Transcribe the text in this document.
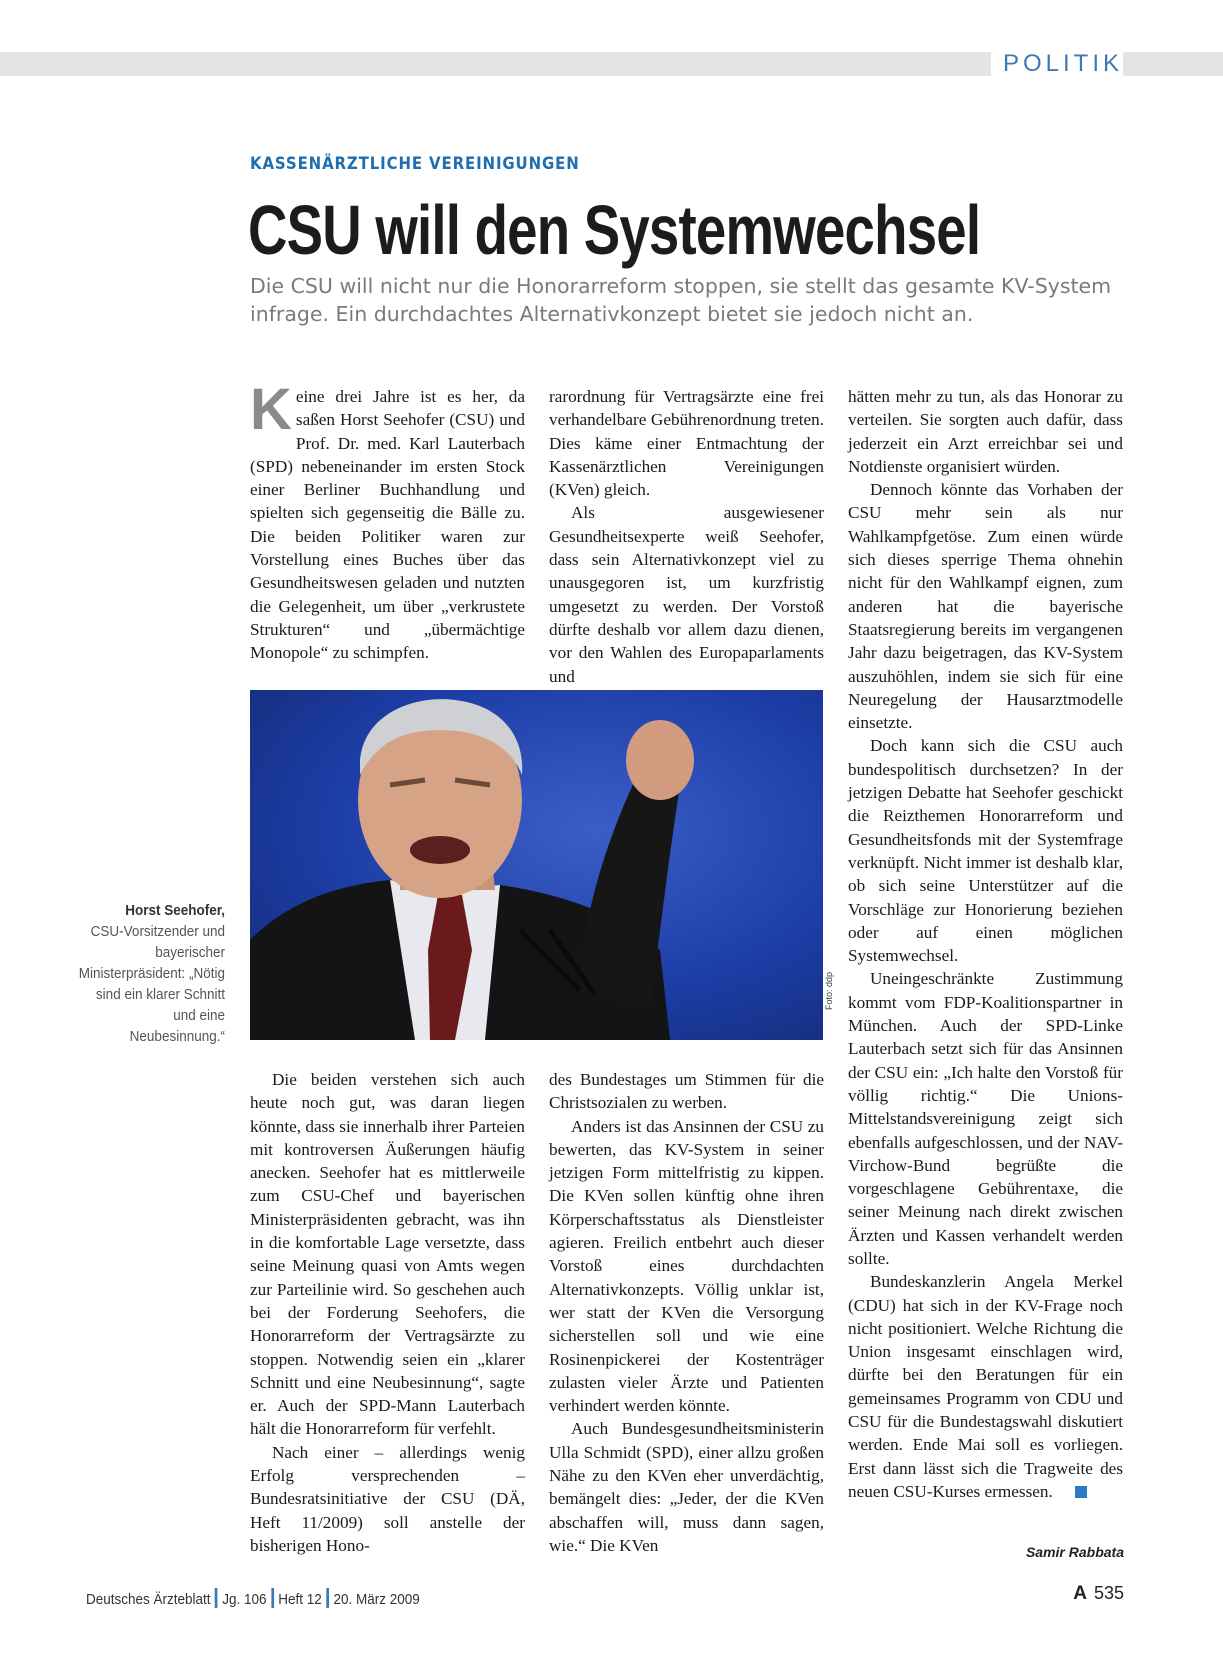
POLITIK
KASSENÄRZTLICHE VEREINIGUNGEN
CSU will den Systemwechsel

Die CSU will nicht nur die Honorarreform stoppen, sie stellt das gesamte KV-System infrage. Ein durchdachtes Alternativkonzept bietet sie jedoch nicht an.

Keine drei Jahre ist es her, da saßen Horst Seehofer (CSU) und Prof. Dr. med. Karl Lauterbach (SPD) nebeneinander im ersten Stock einer Berliner Buchhandlung und spielten sich gegenseitig die Bälle zu. Die beiden Politiker waren zur Vorstellung eines Buches über das Gesundheitswesen geladen und nutzten die Gelegenheit, um über „verkrustete Strukturen“ und „übermächtige Monopole“ zu schimpfen.

rarordnung für Vertragsärzte eine frei verhandelbare Gebührenordnung treten. Dies käme einer Entmachtung der Kassenärztlichen Vereinigungen (KVen) gleich.

Als ausgewiesener Gesundheitsexperte weiß Seehofer, dass sein Alternativkonzept viel zu unausgegoren ist, um kurzfristig umgesetzt zu werden. Der Vorstoß dürfte deshalb vor allem dazu dienen, vor den Wahlen des Europaparlaments und

Foto: ddp
Horst Seehofer,
CSU-Vorsitzender und bayerischer Ministerpräsident: „Nötig sind ein klarer Schnitt und eine Neubesinnung.“

Die beiden verstehen sich auch heute noch gut, was daran liegen könnte, dass sie innerhalb ihrer Parteien mit kontroversen Äußerungen häufig anecken. Seehofer hat es mittlerweile zum CSU-Chef und bayerischen Ministerpräsidenten gebracht, was ihn in die komfortable Lage versetzte, dass seine Meinung quasi von Amts wegen zur Parteilinie wird. So geschehen auch bei der Forderung Seehofers, die Honorarreform der Vertragsärzte zu stoppen. Notwendig seien ein „klarer Schnitt und eine Neubesinnung“, sagte er. Auch der SPD-Mann Lauterbach hält die Honorarreform für verfehlt.

Nach einer – allerdings wenig Erfolg versprechenden – Bundesratsinitiative der CSU (DÄ, Heft 11/2009) soll anstelle der bisherigen Hono-

des Bundestages um Stimmen für die Christsozialen zu werben.

Anders ist das Ansinnen der CSU zu bewerten, das KV-System in seiner jetzigen Form mittelfristig zu kippen. Die KVen sollen künftig ohne ihren Körperschaftsstatus als Dienstleister agieren. Freilich entbehrt auch dieser Vorstoß eines durchdachten Alternativkonzepts. Völlig unklar ist, wer statt der KVen die Versorgung sicherstellen soll und wie eine Rosinenpickerei der Kostenträger zulasten vieler Ärzte und Patienten verhindert werden könnte.

Auch Bundesgesundheitsministerin Ulla Schmidt (SPD), einer allzu großen Nähe zu den KVen eher unverdächtig, bemängelt dies: „Jeder, der die KVen abschaffen will, muss dann sagen, wie.“ Die KVen

hätten mehr zu tun, als das Honorar zu verteilen. Sie sorgten auch dafür, dass jederzeit ein Arzt erreichbar sei und Notdienste organisiert würden.

Dennoch könnte das Vorhaben der CSU mehr sein als nur Wahlkampfgetöse. Zum einen würde sich dieses sperrige Thema ohnehin nicht für den Wahlkampf eignen, zum anderen hat die bayerische Staatsregierung bereits im vergangenen Jahr dazu beigetragen, das KV-System auszuhöhlen, indem sie sich für eine Neuregelung der Hausarztmodelle einsetzte.

Doch kann sich die CSU auch bundespolitisch durchsetzen? In der jetzigen Debatte hat Seehofer geschickt die Reizthemen Honorarreform und Gesundheitsfonds mit der Systemfrage verknüpft. Nicht immer ist deshalb klar, ob sich seine Unterstützer auf die Vorschläge zur Honorierung beziehen oder auf einen möglichen Systemwechsel.

Uneingeschränkte Zustimmung kommt vom FDP-Koalitionspartner in München. Auch der SPD-Linke Lauterbach setzt sich für das Ansinnen der CSU ein: „Ich halte den Vorstoß für völlig richtig.“ Die Unions-Mittelstandsvereinigung zeigt sich ebenfalls aufgeschlossen, und der NAV-Virchow-Bund begrüßte die vorgeschlagene Gebührentaxe, die seiner Meinung nach direkt zwischen Ärzten und Kassen verhandelt werden sollte.

Bundeskanzlerin Angela Merkel (CDU) hat sich in der KV-Frage noch nicht positioniert. Welche Richtung die Union insgesamt einschlagen wird, dürfte bei den Beratungen für ein gemeinsames Programm von CDU und CSU für die Bundestagswahl diskutiert werden. Ende Mai soll es vorliegen. Erst dann lässt sich die Tragweite des neuen CSU-Kurses ermessen.

Samir Rabbata
Deutsches Ärzteblatt Jg. 106 Heft 12 20. März 2009	A 535
